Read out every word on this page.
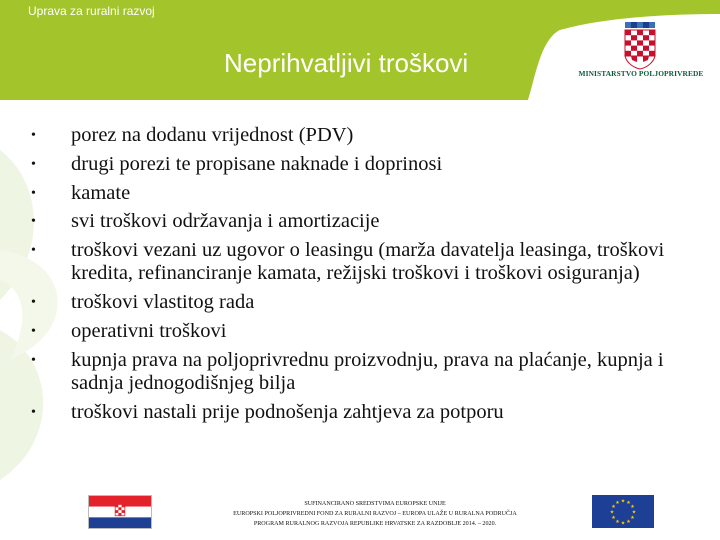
Uprava za ruralni razvoj
Neprihvatljivi troškovi	MINISTARSTVO POLJOPRIVREDE
• porez na dodanu vrijednost (PDV)
• drugi porezi te propisane naknade i doprinosi
• kamate
• svi troškovi održavanja i amortizacije
• troškovi vezani uz ugovor o leasingu (marža davatelja leasinga, troškovi kredita, refinanciranje kamata, režijski troškovi i troškovi osiguranja)
• troškovi vlastitog rada
• operativni troškovi
• kupnja prava na poljoprivrednu proizvodnju, prava na plaćanje, kupnja i sadnja jednogodišnjeg bilja
• troškovi nastali prije podnošenja zahtjeva za potporu
SUFINANCIRANO SREDSTVIMA EUROPSKE UNIJE
EUROPSKI POLJOPRIVREDNI FOND ZA RURALNI RAZVOJ – EUROPA ULAŽE U RURALNA PODRUČJA
PROGRAM RURALNOG RAZVOJA REPUBLIKE HRVATSKE ZA RAZDOBLJE 2014. – 2020.
★ ★
★
★
★
★
★
★
★
★
★
★
